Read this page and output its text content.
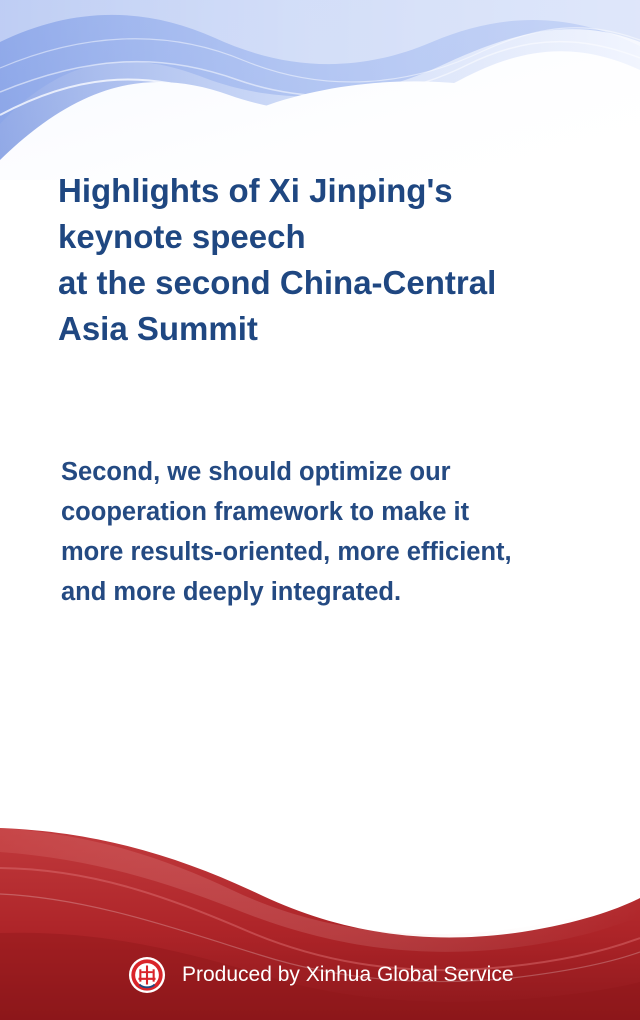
Highlights of Xi Jinping's
keynote speech
at the second China-Central
Asia Summit

Second, we should optimize our
cooperation framework to make it
more results-oriented, more efficient,
and more deeply integrated.

Produced by Xinhua Global Service
